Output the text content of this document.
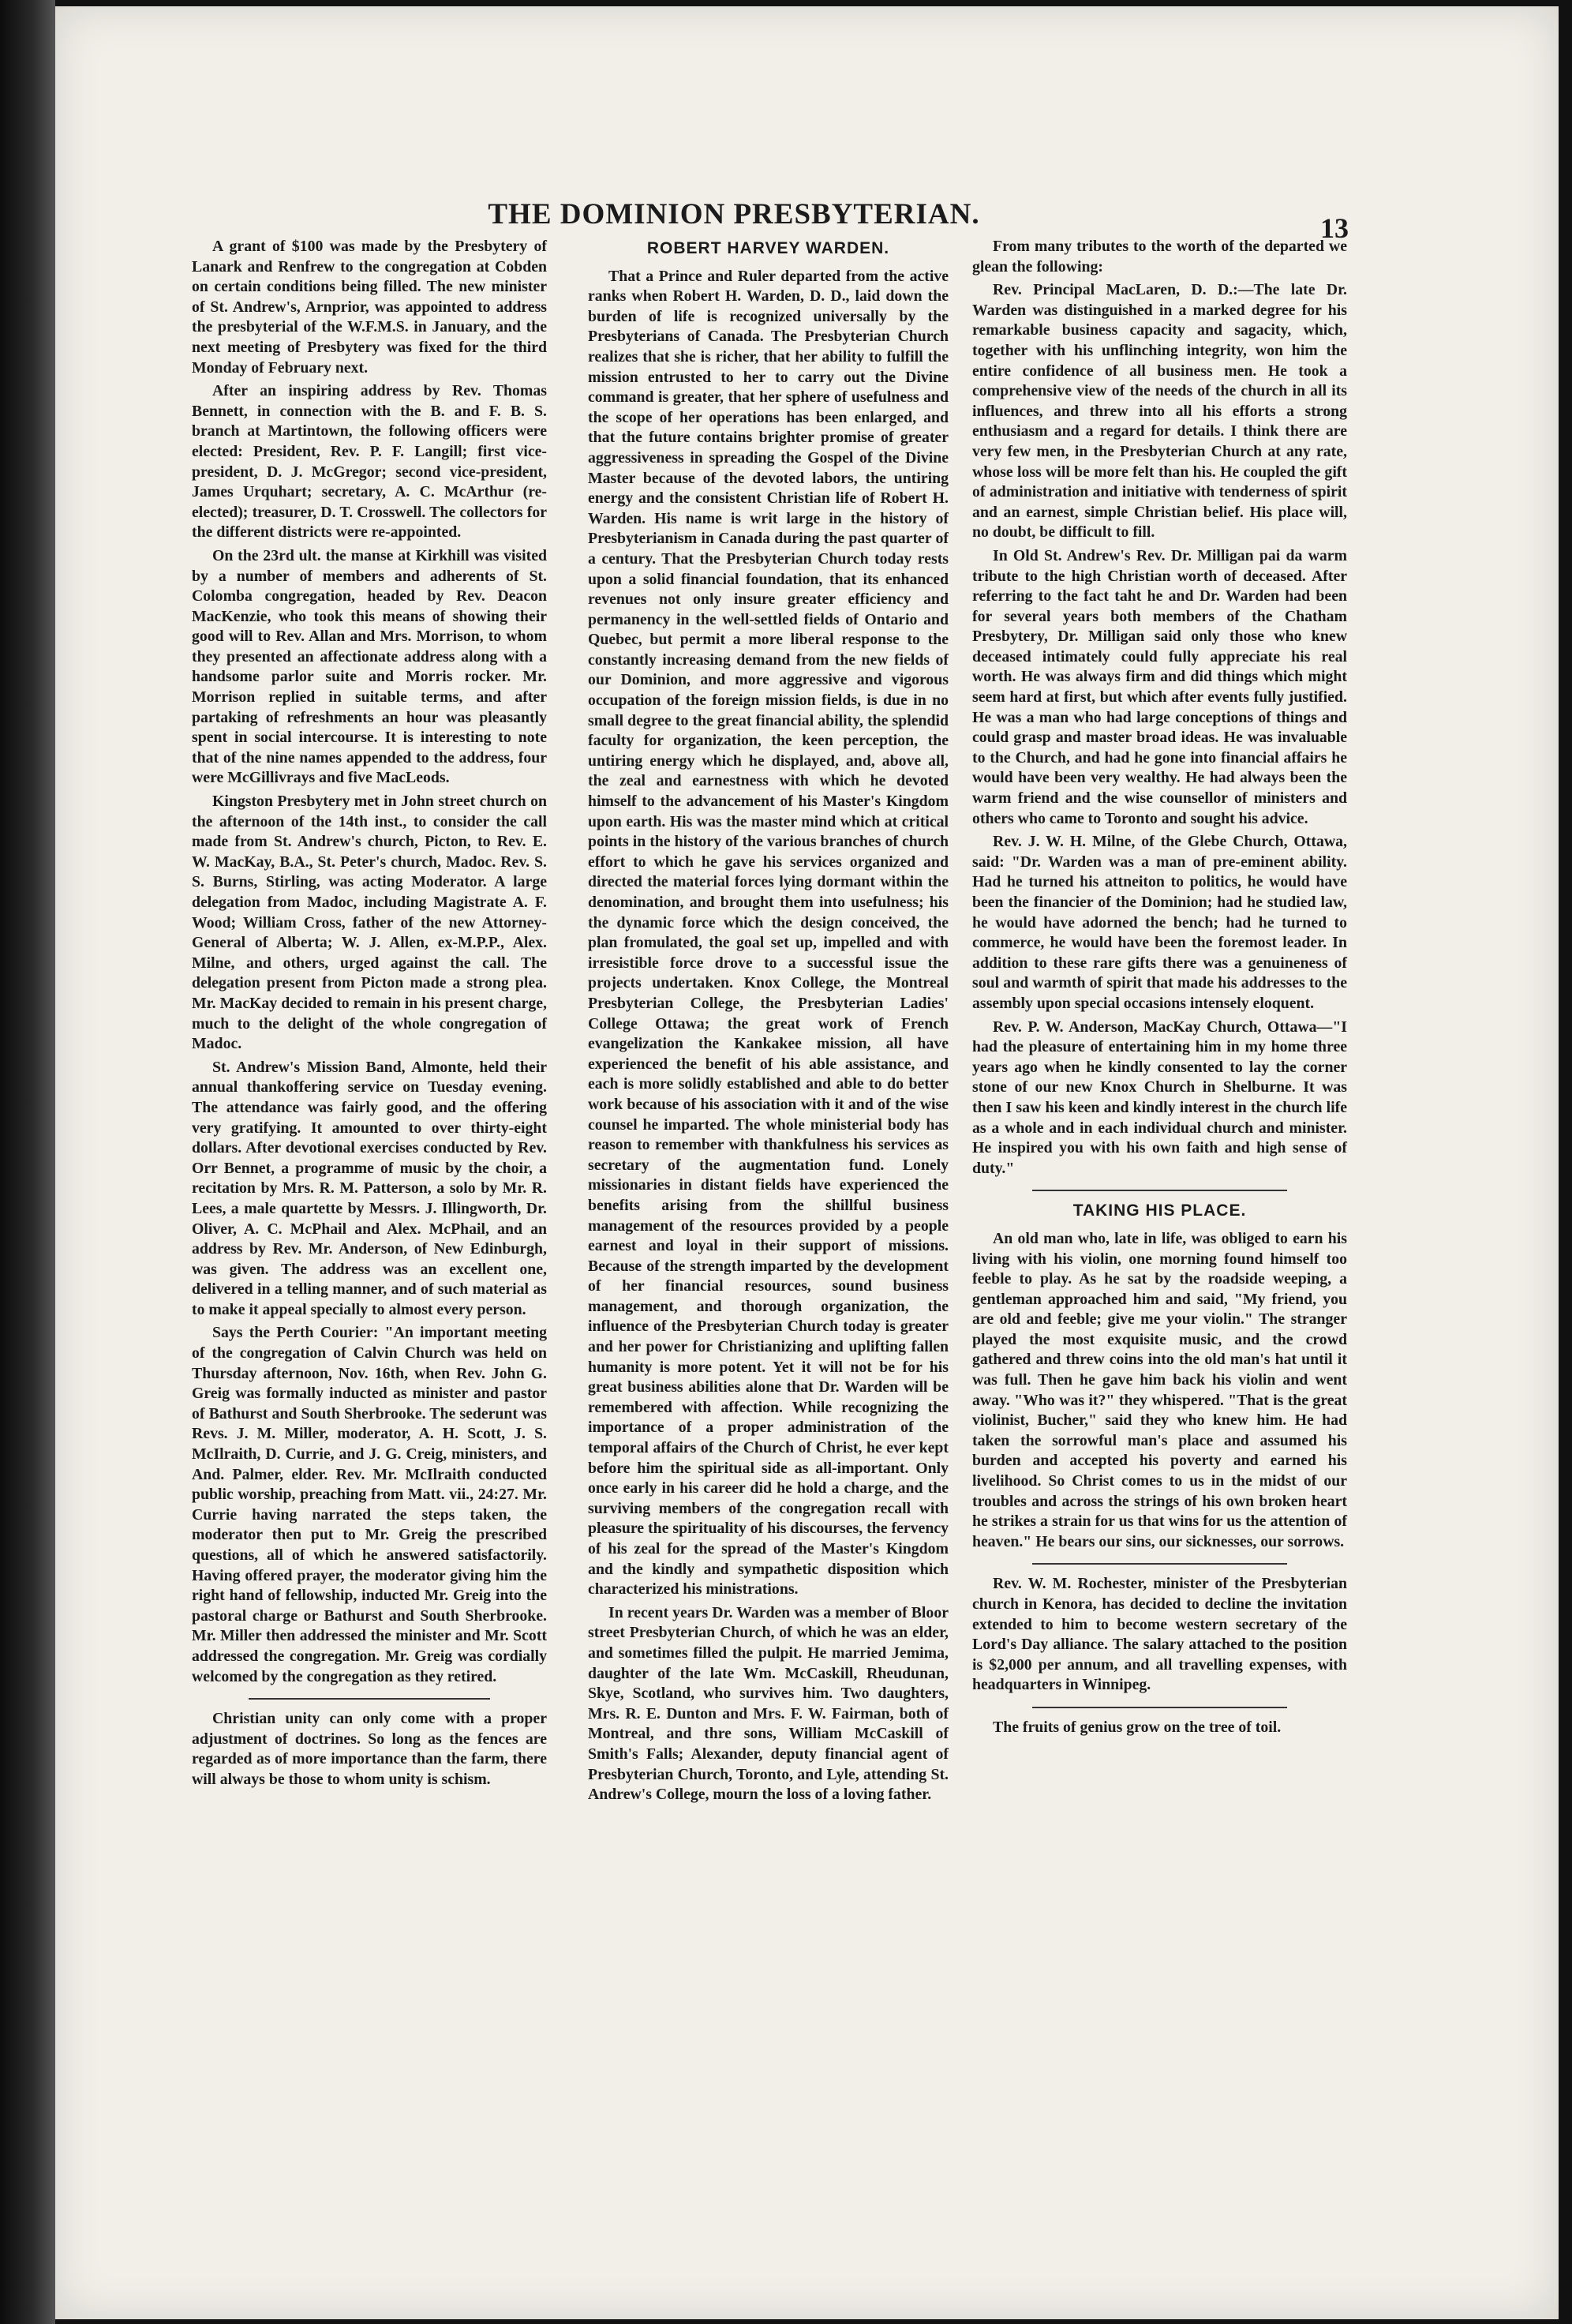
THE DOMINION PRESBYTERIAN.	13

A grant of $100 was made by the Presbytery of Lanark and Renfrew to the congregation at Cobden on certain conditions being filled. The new minister of St. Andrew's, Arnprior, was appointed to address the presbyterial of the W.F.M.S. in January, and the next meeting of Presbytery was fixed for the third Monday of February next.

After an inspiring address by Rev. Thomas Bennett, in connection with the B. and F. B. S. branch at Martintown, the following officers were elected: President, Rev. P. F. Langill; first vice-president, D. J. McGregor; second vice-president, James Urquhart; secretary, A. C. McArthur (re-elected); treasurer, D. T. Crosswell. The collectors for the different districts were re-appointed.

On the 23rd ult. the manse at Kirkhill was visited by a number of members and adherents of St. Colomba congregation, headed by Rev. Deacon MacKenzie, who took this means of showing their good will to Rev. Allan and Mrs. Morrison, to whom they presented an affectionate address along with a handsome parlor suite and Morris rocker. Mr. Morrison replied in suitable terms, and after partaking of refreshments an hour was pleasantly spent in social intercourse. It is interesting to note that of the nine names appended to the address, four were McGillivrays and five MacLeods.

Kingston Presbytery met in John street church on the afternoon of the 14th inst., to consider the call made from St. Andrew's church, Picton, to Rev. E. W. MacKay, B.A., St. Peter's church, Madoc. Rev. S. S. Burns, Stirling, was acting Moderator. A large delegation from Madoc, including Magistrate A. F. Wood; William Cross, father of the new Attorney-General of Alberta; W. J. Allen, ex-M.P.P., Alex. Milne, and others, urged against the call. The delegation present from Picton made a strong plea. Mr. MacKay decided to remain in his present charge, much to the delight of the whole congregation of Madoc.

St. Andrew's Mission Band, Almonte, held their annual thankoffering service on Tuesday evening. The attendance was fairly good, and the offering very gratifying. It amounted to over thirty-eight dollars. After devotional exercises conducted by Rev. Orr Bennet, a programme of music by the choir, a recitation by Mrs. R. M. Patterson, a solo by Mr. R. Lees, a male quartette by Messrs. J. Illingworth, Dr. Oliver, A. C. McPhail and Alex. McPhail, and an address by Rev. Mr. Anderson, of New Edinburgh, was given. The address was an excellent one, delivered in a telling manner, and of such material as to make it appeal specially to almost every person.

Says the Perth Courier: "An important meeting of the congregation of Calvin Church was held on Thursday afternoon, Nov. 16th, when Rev. John G. Greig was formally inducted as minister and pastor of Bathurst and South Sherbrooke. The sederunt was Revs. J. M. Miller, moderator, A. H. Scott, J. S. McIlraith, D. Currie, and J. G. Creig, ministers, and And. Palmer, elder. Rev. Mr. McIlraith conducted public worship, preaching from Matt. vii., 24:27. Mr. Currie having narrated the steps taken, the moderator then put to Mr. Greig the prescribed questions, all of which he answered satisfactorily. Having offered prayer, the moderator giving him the right hand of fellowship, inducted Mr. Greig into the pastoral charge or Bathurst and South Sherbrooke. Mr. Miller then addressed the minister and Mr. Scott addressed the congregation. Mr. Greig was cordially welcomed by the congregation as they retired.

Christian unity can only come with a proper adjustment of doctrines. So long as the fences are regarded as of more importance than the farm, there will always be those to whom unity is schism.

ROBERT HARVEY WARDEN.

That a Prince and Ruler departed from the active ranks when Robert H. Warden, D. D., laid down the burden of life is recognized universally by the Presbyterians of Canada. The Presbyterian Church realizes that she is richer, that her ability to fulfill the mission entrusted to her to carry out the Divine command is greater, that her sphere of usefulness and the scope of her operations has been enlarged, and that the future contains brighter promise of greater aggressiveness in spreading the Gospel of the Divine Master because of the devoted labors, the untiring energy and the consistent Christian life of Robert H. Warden. His name is writ large in the history of Presbyterianism in Canada during the past quarter of a century. That the Presbyterian Church today rests upon a solid financial foundation, that its enhanced revenues not only insure greater efficiency and permanency in the well-settled fields of Ontario and Quebec, but permit a more liberal response to the constantly increasing demand from the new fields of our Dominion, and more aggressive and vigorous occupation of the foreign mission fields, is due in no small degree to the great financial ability, the splendid faculty for organization, the keen perception, the untiring energy which he displayed, and, above all, the zeal and earnestness with which he devoted himself to the advancement of his Master's Kingdom upon earth. His was the master mind which at critical points in the history of the various branches of church effort to which he gave his services organized and directed the material forces lying dormant within the denomination, and brought them into usefulness; his the dynamic force which the design conceived, the plan fromulated, the goal set up, impelled and with irresistible force drove to a successful issue the projects undertaken. Knox College, the Montreal Presbyterian College, the Presbyterian Ladies' College Ottawa; the great work of French evangelization the Kankakee mission, all have experienced the benefit of his able assistance, and each is more solidly established and able to do better work because of his association with it and of the wise counsel he imparted. The whole ministerial body has reason to remember with thankfulness his services as secretary of the augmentation fund. Lonely missionaries in distant fields have experienced the benefits arising from the shillful business management of the resources provided by a people earnest and loyal in their support of missions. Because of the strength imparted by the development of her financial resources, sound business management, and thorough organization, the influence of the Presbyterian Church today is greater and her power for Christianizing and uplifting fallen humanity is more potent. Yet it will not be for his great business abilities alone that Dr. Warden will be remembered with affection. While recognizing the importance of a proper administration of the temporal affairs of the Church of Christ, he ever kept before him the spiritual side as all-important. Only once early in his career did he hold a charge, and the surviving members of the congregation recall with pleasure the spirituality of his discourses, the fervency of his zeal for the spread of the Master's Kingdom and the kindly and sympathetic disposition which characterized his ministrations.

In recent years Dr. Warden was a member of Bloor street Presbyterian Church, of which he was an elder, and sometimes filled the pulpit. He married Jemima, daughter of the late Wm. McCaskill, Rheudunan, Skye, Scotland, who survives him. Two daughters, Mrs. R. E. Dunton and Mrs. F. W. Fairman, both of Montreal, and thre sons, William McCaskill of Smith's Falls; Alexander, deputy financial agent of Presbyterian Church, Toronto, and Lyle, attending St. Andrew's College, mourn the loss of a loving father.

From many tributes to the worth of the departed we glean the following:

Rev. Principal MacLaren, D. D.:—The late Dr. Warden was distinguished in a marked degree for his remarkable business capacity and sagacity, which, together with his unflinching integrity, won him the entire confidence of all business men. He took a comprehensive view of the needs of the church in all its influences, and threw into all his efforts a strong enthusiasm and a regard for details. I think there are very few men, in the Presbyterian Church at any rate, whose loss will be more felt than his. He coupled the gift of administration and initiative with tenderness of spirit and an earnest, simple Christian belief. His place will, no doubt, be difficult to fill.

In Old St. Andrew's Rev. Dr. Milligan pai da warm tribute to the high Christian worth of deceased. After referring to the fact taht he and Dr. Warden had been for several years both members of the Chatham Presbytery, Dr. Milligan said only those who knew deceased intimately could fully appreciate his real worth. He was always firm and did things which might seem hard at first, but which after events fully justified. He was a man who had large conceptions of things and could grasp and master broad ideas. He was invaluable to the Church, and had he gone into financial affairs he would have been very wealthy. He had always been the warm friend and the wise counsellor of ministers and others who came to Toronto and sought his advice.

Rev. J. W. H. Milne, of the Glebe Church, Ottawa, said: "Dr. Warden was a man of pre-eminent ability. Had he turned his attneiton to politics, he would have been the financier of the Dominion; had he studied law, he would have adorned the bench; had he turned to commerce, he would have been the foremost leader. In addition to these rare gifts there was a genuineness of soul and warmth of spirit that made his addresses to the assembly upon special occasions intensely eloquent.

Rev. P. W. Anderson, MacKay Church, Ottawa—"I had the pleasure of entertaining him in my home three years ago when he kindly consented to lay the corner stone of our new Knox Church in Shelburne. It was then I saw his keen and kindly interest in the church life as a whole and in each individual church and minister. He inspired you with his own faith and high sense of duty."

TAKING HIS PLACE.

An old man who, late in life, was obliged to earn his living with his violin, one morning found himself too feeble to play. As he sat by the roadside weeping, a gentleman approached him and said, "My friend, you are old and feeble; give me your violin." The stranger played the most exquisite music, and the crowd gathered and threw coins into the old man's hat until it was full. Then he gave him back his violin and went away. "Who was it?" they whispered. "That is the great violinist, Bucher," said they who knew him. He had taken the sorrowful man's place and assumed his burden and accepted his poverty and earned his livelihood. So Christ comes to us in the midst of our troubles and across the strings of his own broken heart he strikes a strain for us that wins for us the attention of heaven." He bears our sins, our sicknesses, our sorrows.

Rev. W. M. Rochester, minister of the Presbyterian church in Kenora, has decided to decline the invitation extended to him to become western secretary of the Lord's Day alliance. The salary attached to the position is $2,000 per annum, and all travelling expenses, with headquarters in Winnipeg.

The fruits of genius grow on the tree of toil.
